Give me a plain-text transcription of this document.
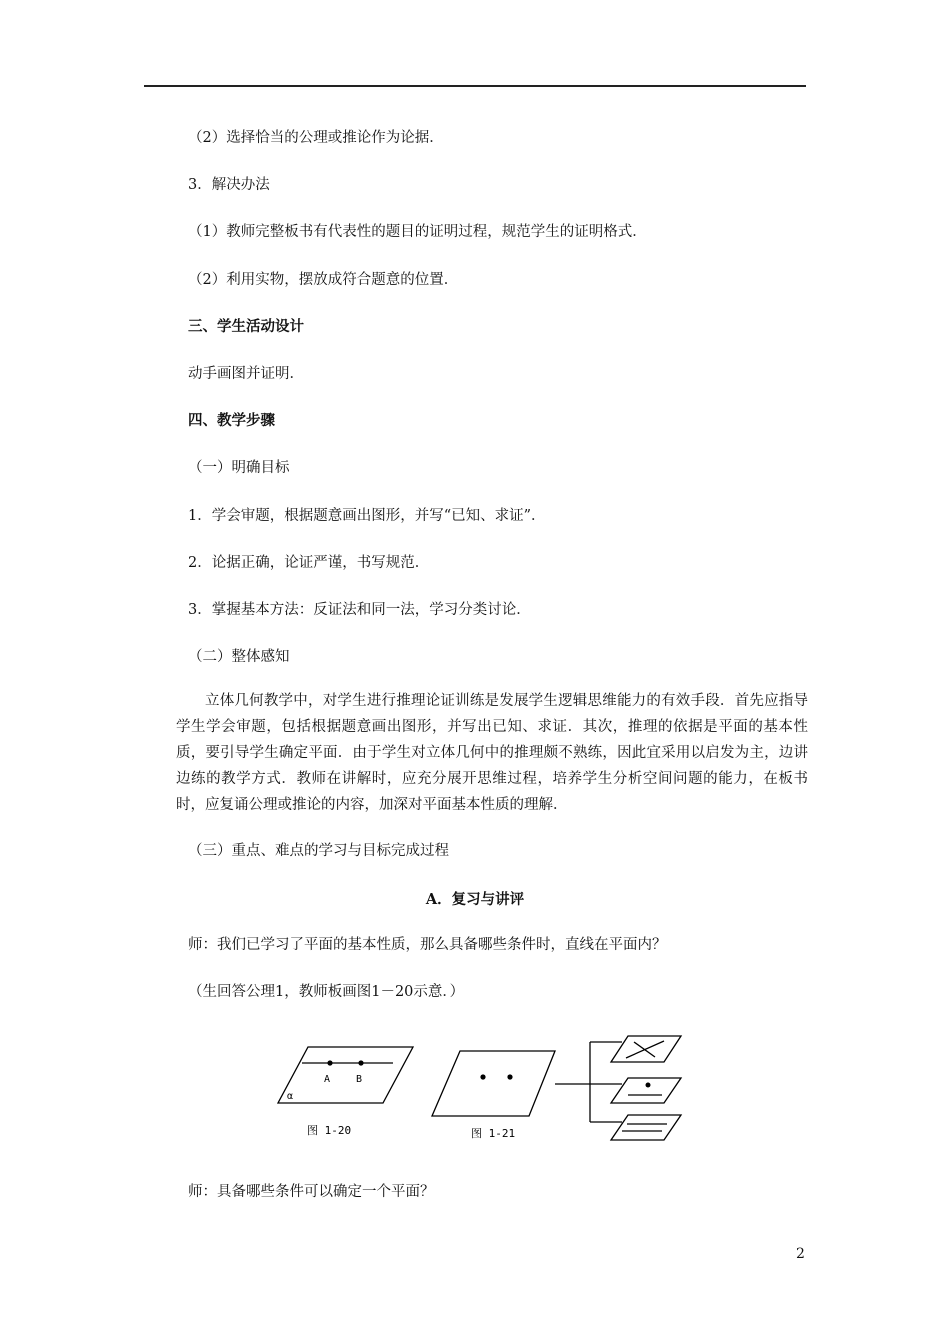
（2）选择恰当的公理或推论作为论据．
3．解决办法
（1）教师完整板书有代表性的题目的证明过程，规范学生的证明格式．
（2）利用实物，摆放成符合题意的位置．
三、学生活动设计
动手画图并证明．
四、教学步骤
（一）明确目标
1．学会审题，根据题意画出图形，并写“已知、求证”．
2．论据正确，论证严谨，书写规范．
3．掌握基本方法：反证法和同一法，学习分类讨论．
（二）整体感知
立体几何教学中，对学生进行推理论证训练是发展学生逻辑思维能力的有效手段．首先应指导学生学会审题，包括根据题意画出图形，并写出已知、求证．其次，推理的依据是平面的基本性质，要引导学生确定平面．由于学生对立体几何中的推理颇不熟练，因此宜采用以启发为主，边讲边练的教学方式．教师在讲解时，应充分展开思维过程，培养学生分析空间问题的能力，在板书时，应复诵公理或推论的内容，加深对平面基本性质的理解．
（三）重点、难点的学习与目标完成过程
A．复习与讲评
师：我们已学习了平面的基本性质，那么具备哪些条件时，直线在平面内？
（生回答公理1，教师板画图1－20示意．）
A	B
α
图 1-20	图 1-21
师：具备哪些条件可以确定一个平面？
2
